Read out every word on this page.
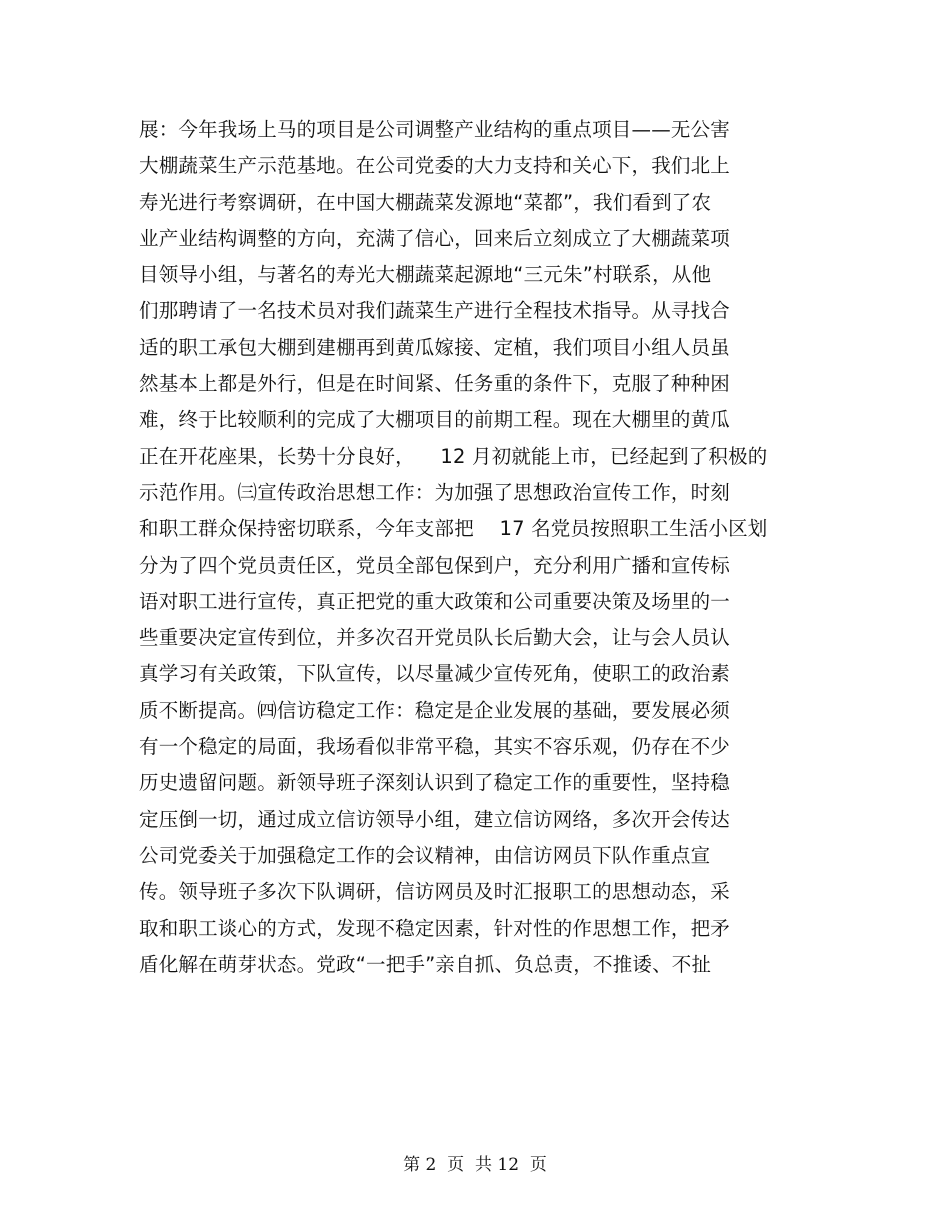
展：今年我场上马的项目是公司调整产业结构的重点项目——无公害
大棚蔬菜生产示范基地。在公司党委的大力支持和关心下，我们北上
寿光进行考察调研，在中国大棚蔬菜发源地“菜都”，我们看到了农
业产业结构调整的方向，充满了信心，回来后立刻成立了大棚蔬菜项
目领导小组，与著名的寿光大棚蔬菜起源地“三元朱”村联系，从他
们那聘请了一名技术员对我们蔬菜生产进行全程技术指导。从寻找合
适的职工承包大棚到建棚再到黄瓜嫁接、定植，我们项目小组人员虽
然基本上都是外行，但是在时间紧、任务重的条件下，克服了种种困
难，终于比较顺利的完成了大棚项目的前期工程。现在大棚里的黄瓜
正在开花座果，长势十分良好，    12 月初就能上市，已经起到了积极的
示范作用。㈢宣传政治思想工作：为加强了思想政治宣传工作，时刻
和职工群众保持密切联系，今年支部把    17 名党员按照职工生活小区划
分为了四个党员责任区，党员全部包保到户，充分利用广播和宣传标
语对职工进行宣传，真正把党的重大政策和公司重要决策及场里的一
些重要决定宣传到位，并多次召开党员队长后勤大会，让与会人员认
真学习有关政策，下队宣传，以尽量减少宣传死角，使职工的政治素
质不断提高。㈣信访稳定工作：稳定是企业发展的基础，要发展必须
有一个稳定的局面，我场看似非常平稳，其实不容乐观，仍存在不少
历史遗留问题。新领导班子深刻认识到了稳定工作的重要性，坚持稳
定压倒一切，通过成立信访领导小组，建立信访网络，多次开会传达
公司党委关于加强稳定工作的会议精神，由信访网员下队作重点宣
传。领导班子多次下队调研，信访网员及时汇报职工的思想动态，采
取和职工谈心的方式，发现不稳定因素，针对性的作思想工作，把矛
盾化解在萌芽状态。党政“一把手”亲自抓、负总责，不推诿、不扯
第 2  页  共 12  页
